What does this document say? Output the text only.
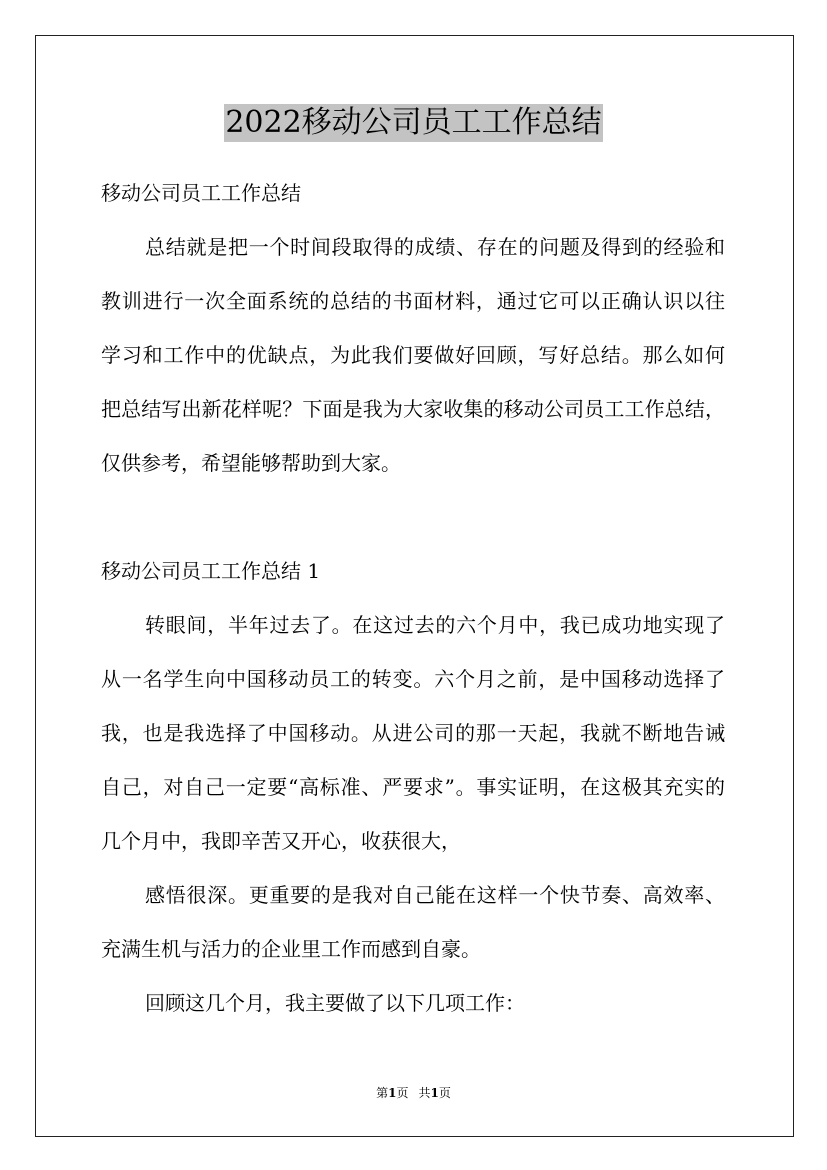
2022移动公司员工工作总结
移动公司员工工作总结
总结就是把一个时间段取得的成绩、存在的问题及得到的经验和
教训进行一次全面系统的总结的书面材料，通过它可以正确认识以往
学习和工作中的优缺点，为此我们要做好回顾，写好总结。那么如何
把总结写出新花样呢？下面是我为大家收集的移动公司员工工作总结，
仅供参考，希望能够帮助到大家。
移动公司员工工作总结 1
转眼间，半年过去了。在这过去的六个月中，我已成功地实现了
从一名学生向中国移动员工的转变。六个月之前，是中国移动选择了
我，也是我选择了中国移动。从进公司的那一天起，我就不断地告诫
自己，对自己一定要“高标准、严要求”。事实证明，在这极其充实的
几个月中，我即辛苦又开心，收获很大，
感悟很深。更重要的是我对自己能在这样一个快节奏、高效率、
充满生机与活力的企业里工作而感到自豪。
回顾这几个月，我主要做了以下几项工作：
第1页 共1页
